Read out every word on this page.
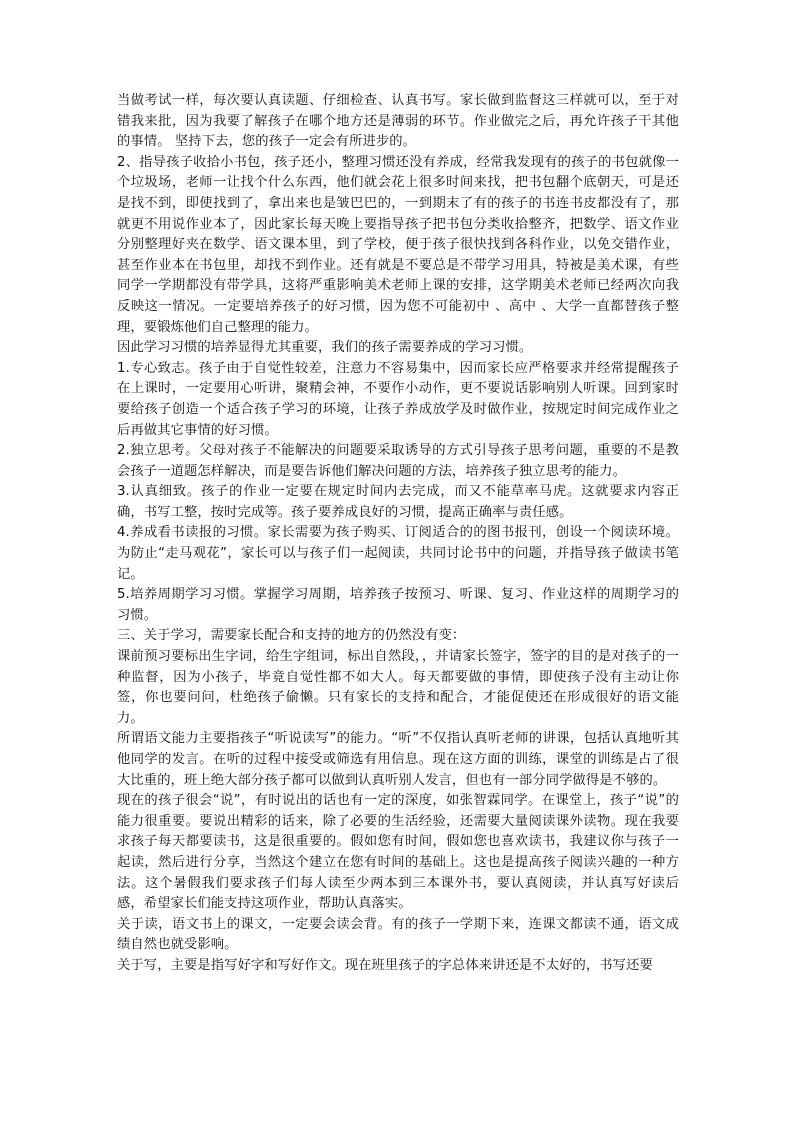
当做考试一样，每次要认真读题、仔细检查、认真书写。家长做到监督这三样就可以，至于对错我来批，因为我要了解孩子在哪个地方还是薄弱的环节。作业做完之后，再允许孩子干其他的事情。 坚持下去，您的孩子一定会有所进步的。

2、指导孩子收拾小书包，孩子还小，整理习惯还没有养成，经常我发现有的孩子的书包就像一个垃圾场，老师一让找个什么东西，他们就会花上很多时间来找，把书包翻个底朝天，可是还是找不到，即使找到了，拿出来也是皱巴巴的，一到期末了有的孩子的书连书皮都没有了，那就更不用说作业本了，因此家长每天晚上要指导孩子把书包分类收拾整齐，把数学、语文作业分别整理好夹在数学、语文课本里，到了学校，便于孩子很快找到各科作业，以免交错作业，甚至作业本在书包里，却找不到作业。还有就是不要总是不带学习用具，特被是美术课，有些同学一学期都没有带学具，这将严重影响美术老师上课的安排，这学期美术老师已经两次向我反映这一情况。一定要培养孩子的好习惯，因为您不可能初中 、高中 、大学一直都替孩子整理，要锻炼他们自己整理的能力。

因此学习习惯的培养显得尤其重要，我们的孩子需要养成的学习习惯。

1.专心致志。孩子由于自觉性较差，注意力不容易集中，因而家长应严格要求并经常提醒孩子在上课时，一定要用心听讲，聚精会神，不要作小动作，更不要说话影响别人听课。回到家时要给孩子创造一个适合孩子学习的环境，让孩子养成放学及时做作业，按规定时间完成作业之后再做其它事情的好习惯。

2.独立思考。父母对孩子不能解决的问题要采取诱导的方式引导孩子思考问题，重要的不是教会孩子一道题怎样解决，而是要告诉他们解决问题的方法，培养孩子独立思考的能力。

3.认真细致。孩子的作业一定要在规定时间内去完成，而又不能草率马虎。这就要求内容正确，书写工整，按时完成等。孩子要养成良好的习惯，提高正确率与责任感。

4.养成看书读报的习惯。家长需要为孩子购买、订阅适合的的图书报刊，创设一个阅读环境。为防止“走马观花”，家长可以与孩子们一起阅读，共同讨论书中的问题，并指导孩子做读书笔记。

5.培养周期学习习惯。掌握学习周期，培养孩子按预习、听课、复习、作业这样的周期学习的习惯。

三、关于学习，需要家长配合和支持的地方的仍然没有变：

课前预习要标出生字词，给生字组词，标出自然段，，并请家长签字，签字的目的是对孩子的一种监督，因为小孩子，毕竟自觉性都不如大人。每天都要做的事情，即使孩子没有主动让你签，你也要问问，杜绝孩子偷懒。只有家长的支持和配合，才能促使还在形成很好的语文能力。

所谓语文能力主要指孩子“听说读写”的能力。“听”不仅指认真听老师的讲课，包括认真地听其他同学的发言。在听的过程中接受或筛选有用信息。现在这方面的训练，课堂的训练是占了很大比重的，班上绝大部分孩子都可以做到认真听别人发言，但也有一部分同学做得是不够的。

现在的孩子很会“说”，有时说出的话也有一定的深度，如张智霖同学。在课堂上，孩子“说”的能力很重要。要说出精彩的话来，除了必要的生活经验，还需要大量阅读课外读物。现在我要求孩子每天都要读书，这是很重要的。假如您有时间，假如您也喜欢读书，我建议你与孩子一起读，然后进行分享，当然这个建立在您有时间的基础上。这也是提高孩子阅读兴趣的一种方法。这个暑假我们要求孩子们每人读至少两本到三本课外书，要认真阅读，并认真写好读后感，希望家长们能支持这项作业，帮助认真落实。

关于读，语文书上的课文，一定要会读会背。有的孩子一学期下来，连课文都读不通，语文成绩自然也就受影响。

关于写，主要是指写好字和写好作文。现在班里孩子的字总体来讲还是不太好的，书写还要
